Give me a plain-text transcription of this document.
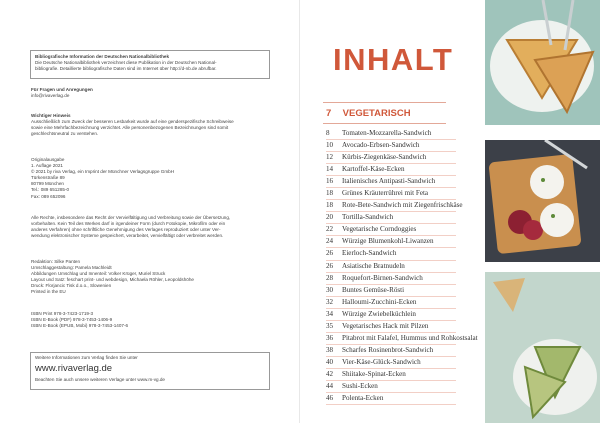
Bibliografische Information der Deutschen Nationalbibliothek
Die Deutsche Nationalbibliothek verzeichnet diese Publikation in der Deutschen National-
bibliografie. Detaillierte bibliografische Daten sind im Internet über http://d-nb.de abrufbar.
Für Fragen und Anregungen
info@rivaverlag.de
Wichtiger Hinweis
Ausschließlich zum Zweck der besseren Lesbarkeit wurde auf eine genderspezifische Schreibweise
sowie eine Mehrfachbezeichnung verzichtet. Alle personenbezogenen Bezeichnungen sind somit
geschlechtsneutral zu verstehen.
Originalausgabe
1. Auflage 2021
© 2021 by riva Verlag, ein Imprint der Münchner Verlagsgruppe GmbH
Türkenstraße 89
80799 München
Tel.: 089 651285-0
Fax: 089 652096
Alle Rechte, insbesondere das Recht der Vervielfältigung und Verbreitung sowie der Übersetzung,
vorbehalten. Kein Teil des Werkes darf in irgendeiner Form (durch Fotokopie, Mikrofilm oder ein
anderes Verfahren) ohne schriftliche Genehmigung des Verlages reproduziert oder unter Ver-
wendung elektronischer Systeme gespeichert, verarbeitet, vervielfältigt oder verbreitet werden.
Redaktion: Silke Panten
Umschlaggestaltung: Pamela Machleidt
Abbildungen Umschlag und Innenteil: Volker Krüger, Muriel Struck
Layout und Satz: feschart print- und webdesign, Michaela Röhler, Leopoldshöhe
Druck: Florjancic Tisk d.o.o., Slowenien
Printed in the EU
ISBN Print 978-3-7423-1719-3
ISBN E-Book (PDF) 978-3-7453-1406-9
ISBN E-Book (EPUB, Mobi) 978-3-7453-1407-6
Weitere Informationen zum Verlag finden Sie unter
www.rivaverlag.de
Beachten Sie auch unsere weiteren Verlage unter www.m-vg.de
INHALT
7 VEGETARISCH
8 Tomaten-Mozzarella-Sandwich
10 Avocado-Erbsen-Sandwich
12 Kürbis-Ziegenkäse-Sandwich
14 Kartoffel-Käse-Ecken
16 Italienisches Antipasti-Sandwich
18 Grünes Kräuterrührei mit Feta
18 Rote-Bete-Sandwich mit Ziegenfrischkäse
20 Tortilla-Sandwich
22 Vegetarische Corndoggies
24 Würzige Blumenkohl-Liwanzen
26 Eierloch-Sandwich
26 Asiatische Bratnudeln
28 Roquefort-Birnen-Sandwich
30 Buntes Gemüse-Rösti
32 Halloumi-Zucchini-Ecken
34 Würzige Zwiebelküchlein
35 Vegetarisches Hack mit Pilzen
36 Pitabrot mit Falafel, Hummus und Rohkostsalat
38 Scharfes Rosinenbrot-Sandwich
40 Vier-Käse-Glück-Sandwich
42 Shiitake-Spinat-Ecken
44 Sushi-Ecken
46 Polenta-Ecken
